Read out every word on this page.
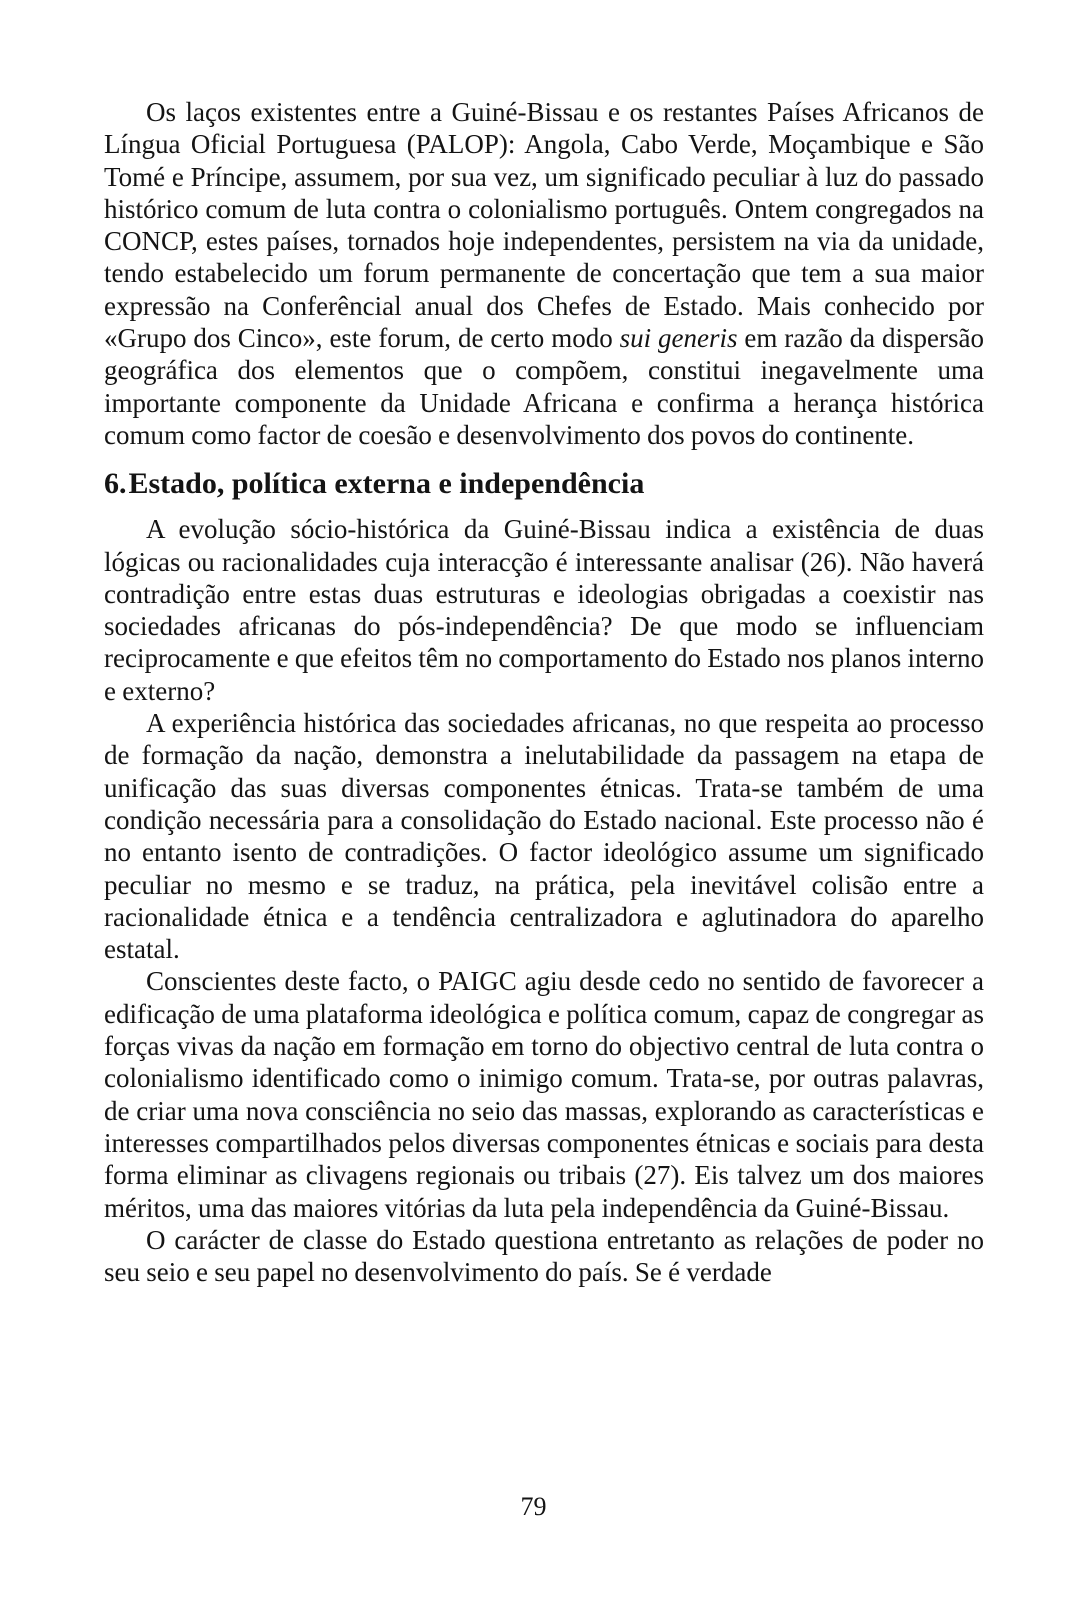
Os laços existentes entre a Guiné-Bissau e os restantes Países Africanos de Língua Oficial Portuguesa (PALOP): Angola, Cabo Verde, Moçambique e São Tomé e Príncipe, assumem, por sua vez, um significado peculiar à luz do passado histórico comum de luta contra o colonialismo português. Ontem congregados na CONCP, estes países, tornados hoje independentes, persistem na via da unidade, tendo estabelecido um forum permanente de concertação que tem a sua maior expressão na Conferêncial anual dos Chefes de Estado. Mais conhecido por «Grupo dos Cinco», este forum, de certo modo sui generis em razão da dispersão geográfica dos elementos que o compõem, constitui inegavelmente uma importante componente da Unidade Africana e confirma a herança histórica comum como factor de coesão e desenvolvimento dos povos do continente.

6.Estado, política externa e independência

A evolução sócio-histórica da Guiné-Bissau indica a existência de duas lógicas ou racionalidades cuja interacção é interessante analisar (26). Não haverá contradição entre estas duas estruturas e ideologias obrigadas a coexistir nas sociedades africanas do pós-independência? De que modo se influenciam reciprocamente e que efeitos têm no comportamento do Estado nos planos interno e externo?

A experiência histórica das sociedades africanas, no que respeita ao processo de formação da nação, demonstra a inelutabilidade da passagem na etapa de unificação das suas diversas componentes étnicas. Trata-se também de uma condição necessária para a consolidação do Estado nacional. Este processo não é no entanto isento de contradições. O factor ideológico assume um significado peculiar no mesmo e se traduz, na prática, pela inevitável colisão entre a racionalidade étnica e a tendência centralizadora e aglutinadora do aparelho estatal.

Conscientes deste facto, o PAIGC agiu desde cedo no sentido de favorecer a edificação de uma plataforma ideológica e política comum, capaz de congregar as forças vivas da nação em formação em torno do objectivo central de luta contra o colonialismo identificado como o inimigo comum. Trata-se, por outras palavras, de criar uma nova consciência no seio das massas, explorando as características e interesses compartilhados pelos diversas componentes étnicas e sociais para desta forma eliminar as clivagens regionais ou tribais (27). Eis talvez um dos maiores méritos, uma das maiores vitórias da luta pela independência da Guiné-Bissau.

O carácter de classe do Estado questiona entretanto as relações de poder no seu seio e seu papel no desenvolvimento do país. Se é verdade

79
